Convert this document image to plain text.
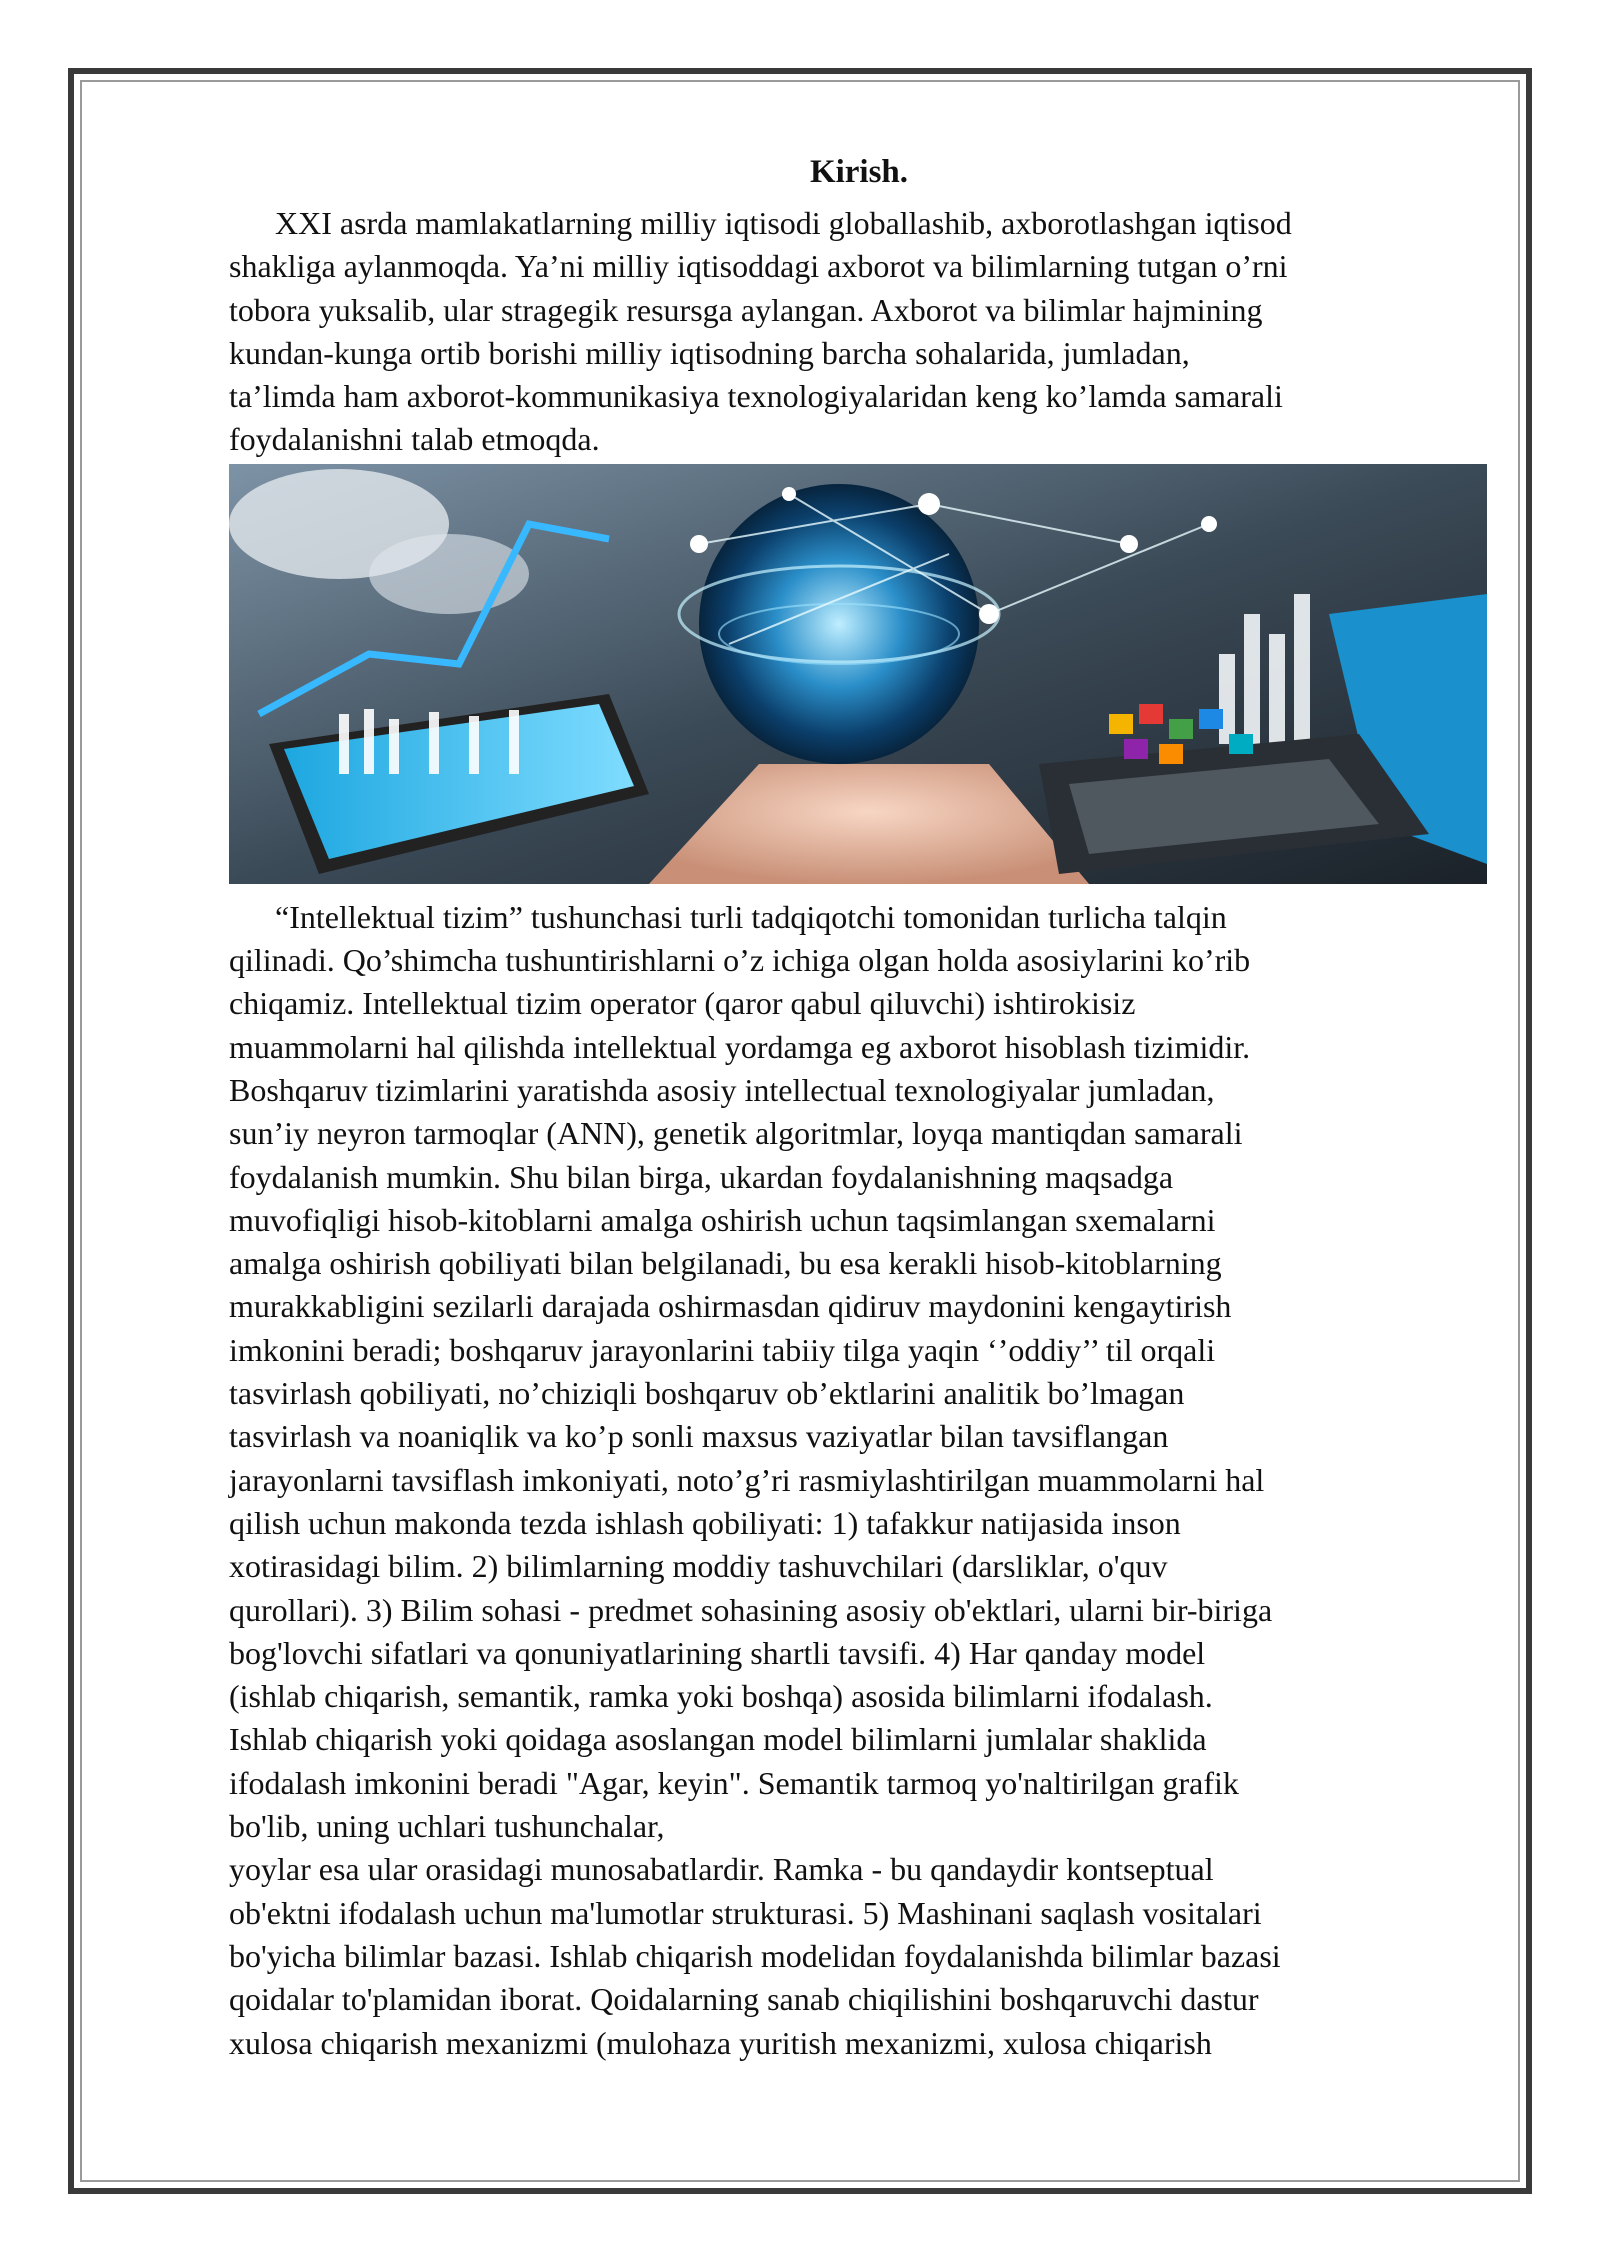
Kirish.

XXI asrda mamlakatlarning milliy iqtisodi globallashib, axborotlashgan iqtisod
shakliga aylanmoqda. Ya’ni milliy iqtisoddagi axborot va bilimlarning tutgan o’rni
tobora yuksalib, ular stragegik resursga aylangan. Axborot va bilimlar hajmining
kundan-kunga ortib borishi milliy iqtisodning barcha sohalarida, jumladan,
ta’limda ham axborot-kommunikasiya texnologiyalaridan keng ko’lamda samarali
foydalanishni talab etmoqda.

“Intellektual tizim” tushunchasi turli tadqiqotchi tomonidan turlicha talqin
qilinadi. Qo’shimcha tushuntirishlarni o’z ichiga olgan holda asosiylarini ko’rib
chiqamiz. Intellektual tizim operator (qaror qabul qiluvchi) ishtirokisiz
muammolarni hal qilishda intellektual yordamga eg axborot hisoblash tizimidir.
Boshqaruv tizimlarini yaratishda asosiy intellectual texnologiyalar jumladan,
sun’iy neyron tarmoqlar (ANN), genetik algoritmlar, loyqa mantiqdan samarali
foydalanish mumkin. Shu bilan birga, ukardan foydalanishning maqsadga
muvofiqligi hisob-kitoblarni amalga oshirish uchun taqsimlangan sxemalarni
amalga oshirish qobiliyati bilan belgilanadi, bu esa kerakli hisob-kitoblarning
murakkabligini sezilarli darajada oshirmasdan qidiruv maydonini kengaytirish
imkonini beradi; boshqaruv jarayonlarini tabiiy tilga yaqin ‘’oddiy’’ til orqali
tasvirlash qobiliyati, no’chiziqli boshqaruv ob’ektlarini analitik bo’lmagan
tasvirlash va noaniqlik va ko’p sonli maxsus vaziyatlar bilan tavsiflangan
jarayonlarni tavsiflash imkoniyati, noto’g’ri rasmiylashtirilgan muammolarni hal
qilish uchun makonda tezda ishlash qobiliyati: 1) tafakkur natijasida inson
xotirasidagi bilim. 2) bilimlarning moddiy tashuvchilari (darsliklar, o'quv
qurollari). 3) Bilim sohasi - predmet sohasining asosiy ob'ektlari, ularni bir-biriga
bog'lovchi sifatlari va qonuniyatlarining shartli tavsifi. 4) Har qanday model
(ishlab chiqarish, semantik, ramka yoki boshqa) asosida bilimlarni ifodalash.
Ishlab chiqarish yoki qoidaga asoslangan model bilimlarni jumlalar shaklida
ifodalash imkonini beradi "Agar, keyin". Semantik tarmoq yo'naltirilgan grafik
bo'lib, uning uchlari tushunchalar,
yoylar esa ular orasidagi munosabatlardir. Ramka - bu qandaydir kontseptual
ob'ektni ifodalash uchun ma'lumotlar strukturasi. 5) Mashinani saqlash vositalari
bo'yicha bilimlar bazasi. Ishlab chiqarish modelidan foydalanishda bilimlar bazasi
qoidalar to'plamidan iborat. Qoidalarning sanab chiqilishini boshqaruvchi dastur
xulosa chiqarish mexanizmi (mulohaza yuritish mexanizmi, xulosa chiqarish
